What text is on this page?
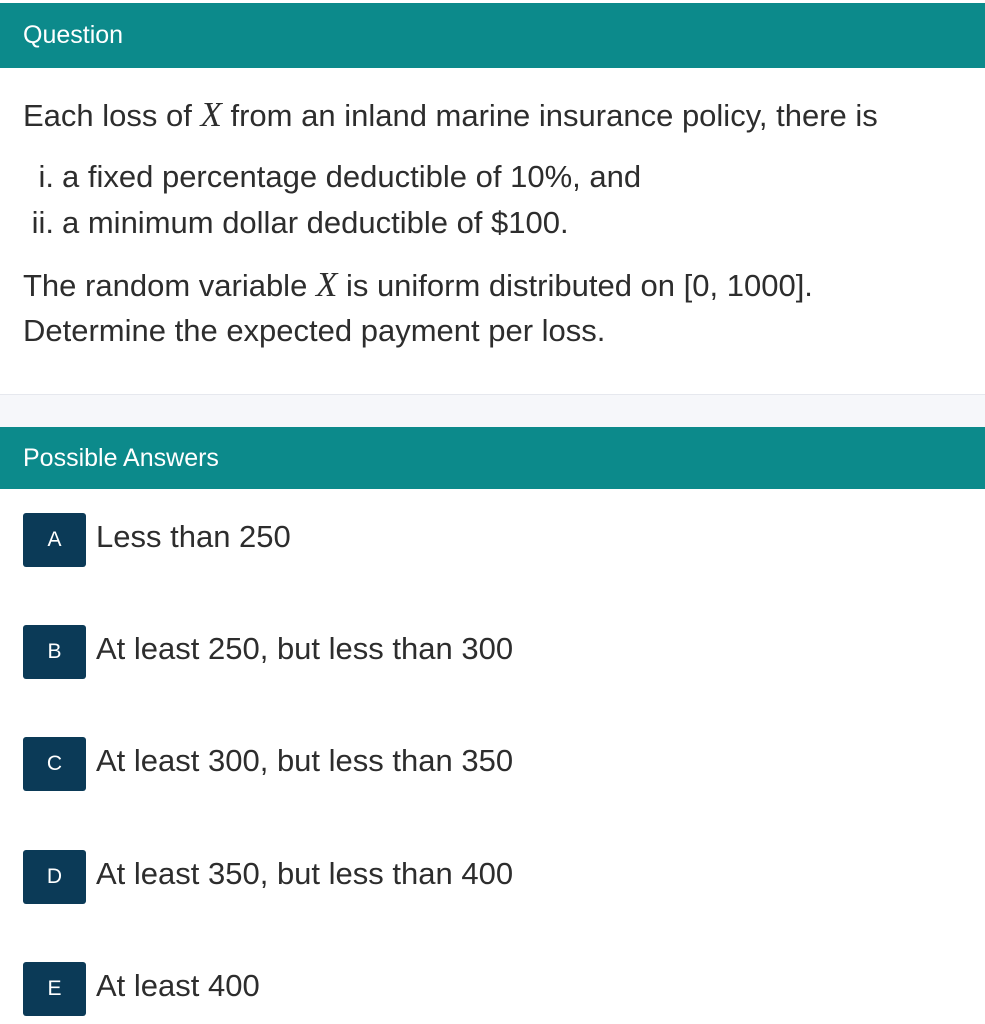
Question
Each loss of X from an inland marine insurance policy, there is
i. a fixed percentage deductible of 10%, and
ii. a minimum dollar deductible of $100.
The random variable X is uniform distributed on [0, 1000].
Determine the expected payment per loss.
Possible Answers
A	Less than 250
B	At least 250, but less than 300
C	At least 300, but less than 350
D	At least 350, but less than 400
E	At least 400
